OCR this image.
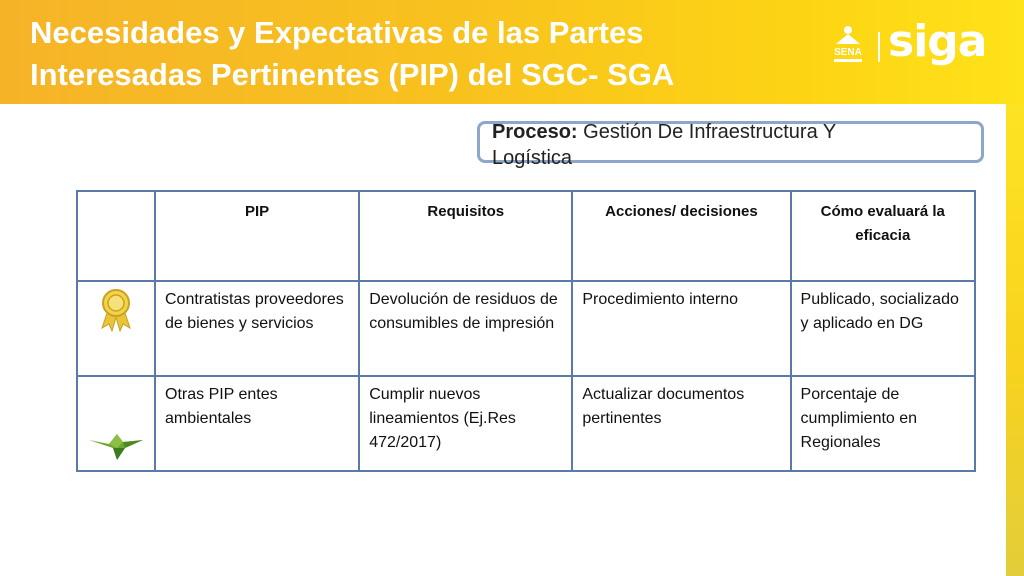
Necesidades y Expectativas de las Partes
Interesadas Pertinentes (PIP) del SGC- SGA
SENA siga
Proceso: Gestión De Infraestructura Y Logística
	PIP	Requisitos	Acciones/ decisiones	Cómo evaluará la eficacia

	Contratistas proveedores de bienes y servicios	Devolución de residuos de consumibles de impresión	Procedimiento interno	Publicado, socializado y aplicado en DG

	Otras PIP entes ambientales	Cumplir nuevos lineamientos (Ej.Res 472/2017)	Actualizar documentos pertinentes	Porcentaje de cumplimiento en Regionales
